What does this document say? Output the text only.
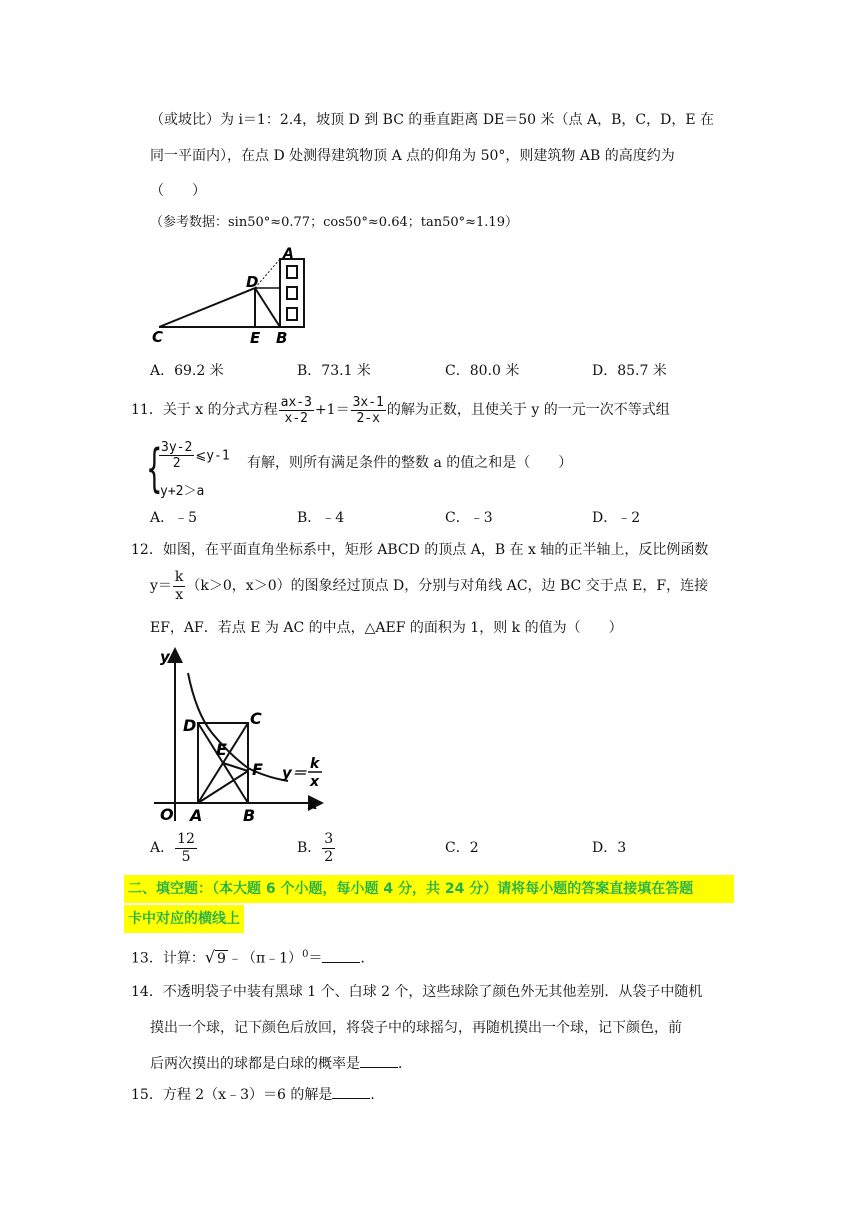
（或坡比）为 i＝1：2.4，坡顶 D 到 BC 的垂直距离 DE＝50 米（点 A，B，C，D，E 在
同一平面内），在点 D 处测得建筑物顶 A 点的仰角为 50°，则建筑物 AB 的高度约为
（　　）
（参考数据：sin50°≈0.77；cos50°≈0.64；tan50°≈1.19）
C
D
E B
A
A．69.2 米	B．73.1 米	C．80.0 米	D．85.7 米
11．关于 x 的分式方程 $\frac{ax-3}{x-2} +1= \frac{3x-1}{2-x}$ 的解为正数，且使关于 y 的一元一次不等式组
{
$\frac{3y-2}{2}$ ⩽y-1
y+2＞a
有解，则所有满足条件的整数 a 的值之和是（　　）
A．﹣5	B．﹣4	C．﹣3	D．﹣2
12．如图，在平面直角坐标系中，矩形 ABCD 的顶点 A，B 在 x 轴的正半轴上，反比例函数
$y= \frac{k}{x} (k>0$，x＞0）的图象经过顶点 D，分别与对角线 AC，边 BC 交于点 E，F，连接
EF，AF．若点 E 为 AC 的中点，△AEF 的面积为 1，则 k 的值为（　　）
y
x
O A	B
C
D
E
F y＝ k
x
A． $\frac{12}{5}$	B． $\frac{3}{2}$	C．2	D．3
二、填空题：（本大题 6 个小题，每小题 4 分，共 24 分）请将每小题的答案直接填在答题
卡中对应的横线上
13．计算：√ 9 ﹣（π﹣1）$^0$＝	．
14．不透明袋子中装有黑球 1 个、白球 2 个，这些球除了颜色外无其他差别．从袋子中随机
摸出一个球，记下颜色后放回，将袋子中的球摇匀，再随机摸出一个球，记下颜色，前
后两次摸出的球都是白球的概率是	．
15．方程 2（x﹣3）＝6 的解是	．
